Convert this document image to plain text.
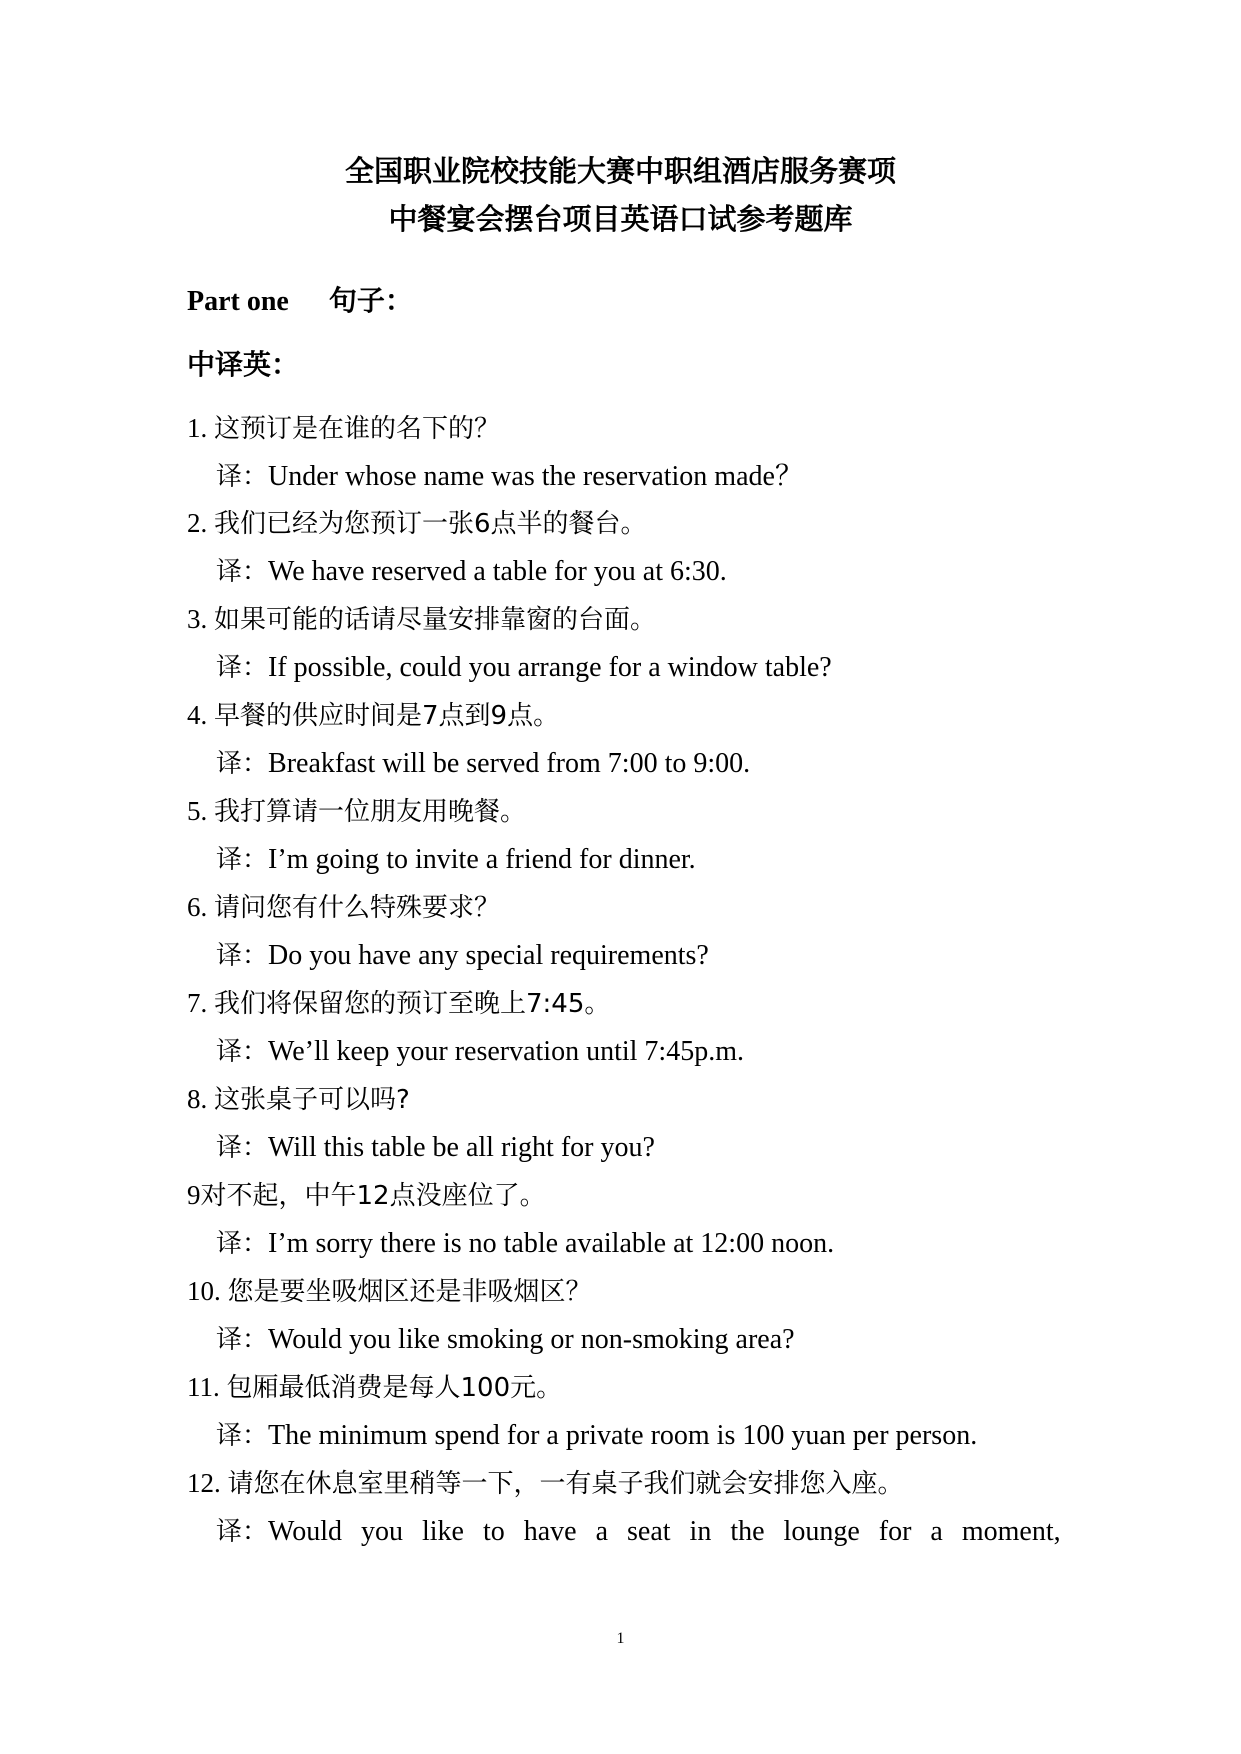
全国职业院校技能大赛中职组酒店服务赛项
中餐宴会摆台项目英语口试参考题库
Part one 句子：
中译英：
1. 这预订是在谁的名下的？
译：Under whose name was the reservation made？
2. 我们已经为您预订一张6点半的餐台。
译：We have reserved a table for you at 6:30.
3. 如果可能的话请尽量安排靠窗的台面。
译：If possible, could you arrange for a window table?
4. 早餐的供应时间是7点到9点。
译：Breakfast will be served from 7:00 to 9:00.
5. 我打算请一位朋友用晚餐。
译：I’m going to invite a friend for dinner.
6. 请问您有什么特殊要求？
译：Do you have any special requirements?
7. 我们将保留您的预订至晚上7:45。
译：We’ll keep your reservation until 7:45p.m.
8. 这张桌子可以吗?
译：Will this table be all right for you?
9对不起，中午12点没座位了。
译：I’m sorry there is no table available at 12:00 noon.
10. 您是要坐吸烟区还是非吸烟区？
译：Would you like smoking or non-smoking area?
11. 包厢最低消费是每人100元。
译：The minimum spend for a private room is 100 yuan per person.
12. 请您在休息室里稍等一下，一有桌子我们就会安排您入座。
译：Would you like to have a seat in the lounge for a moment,
1
